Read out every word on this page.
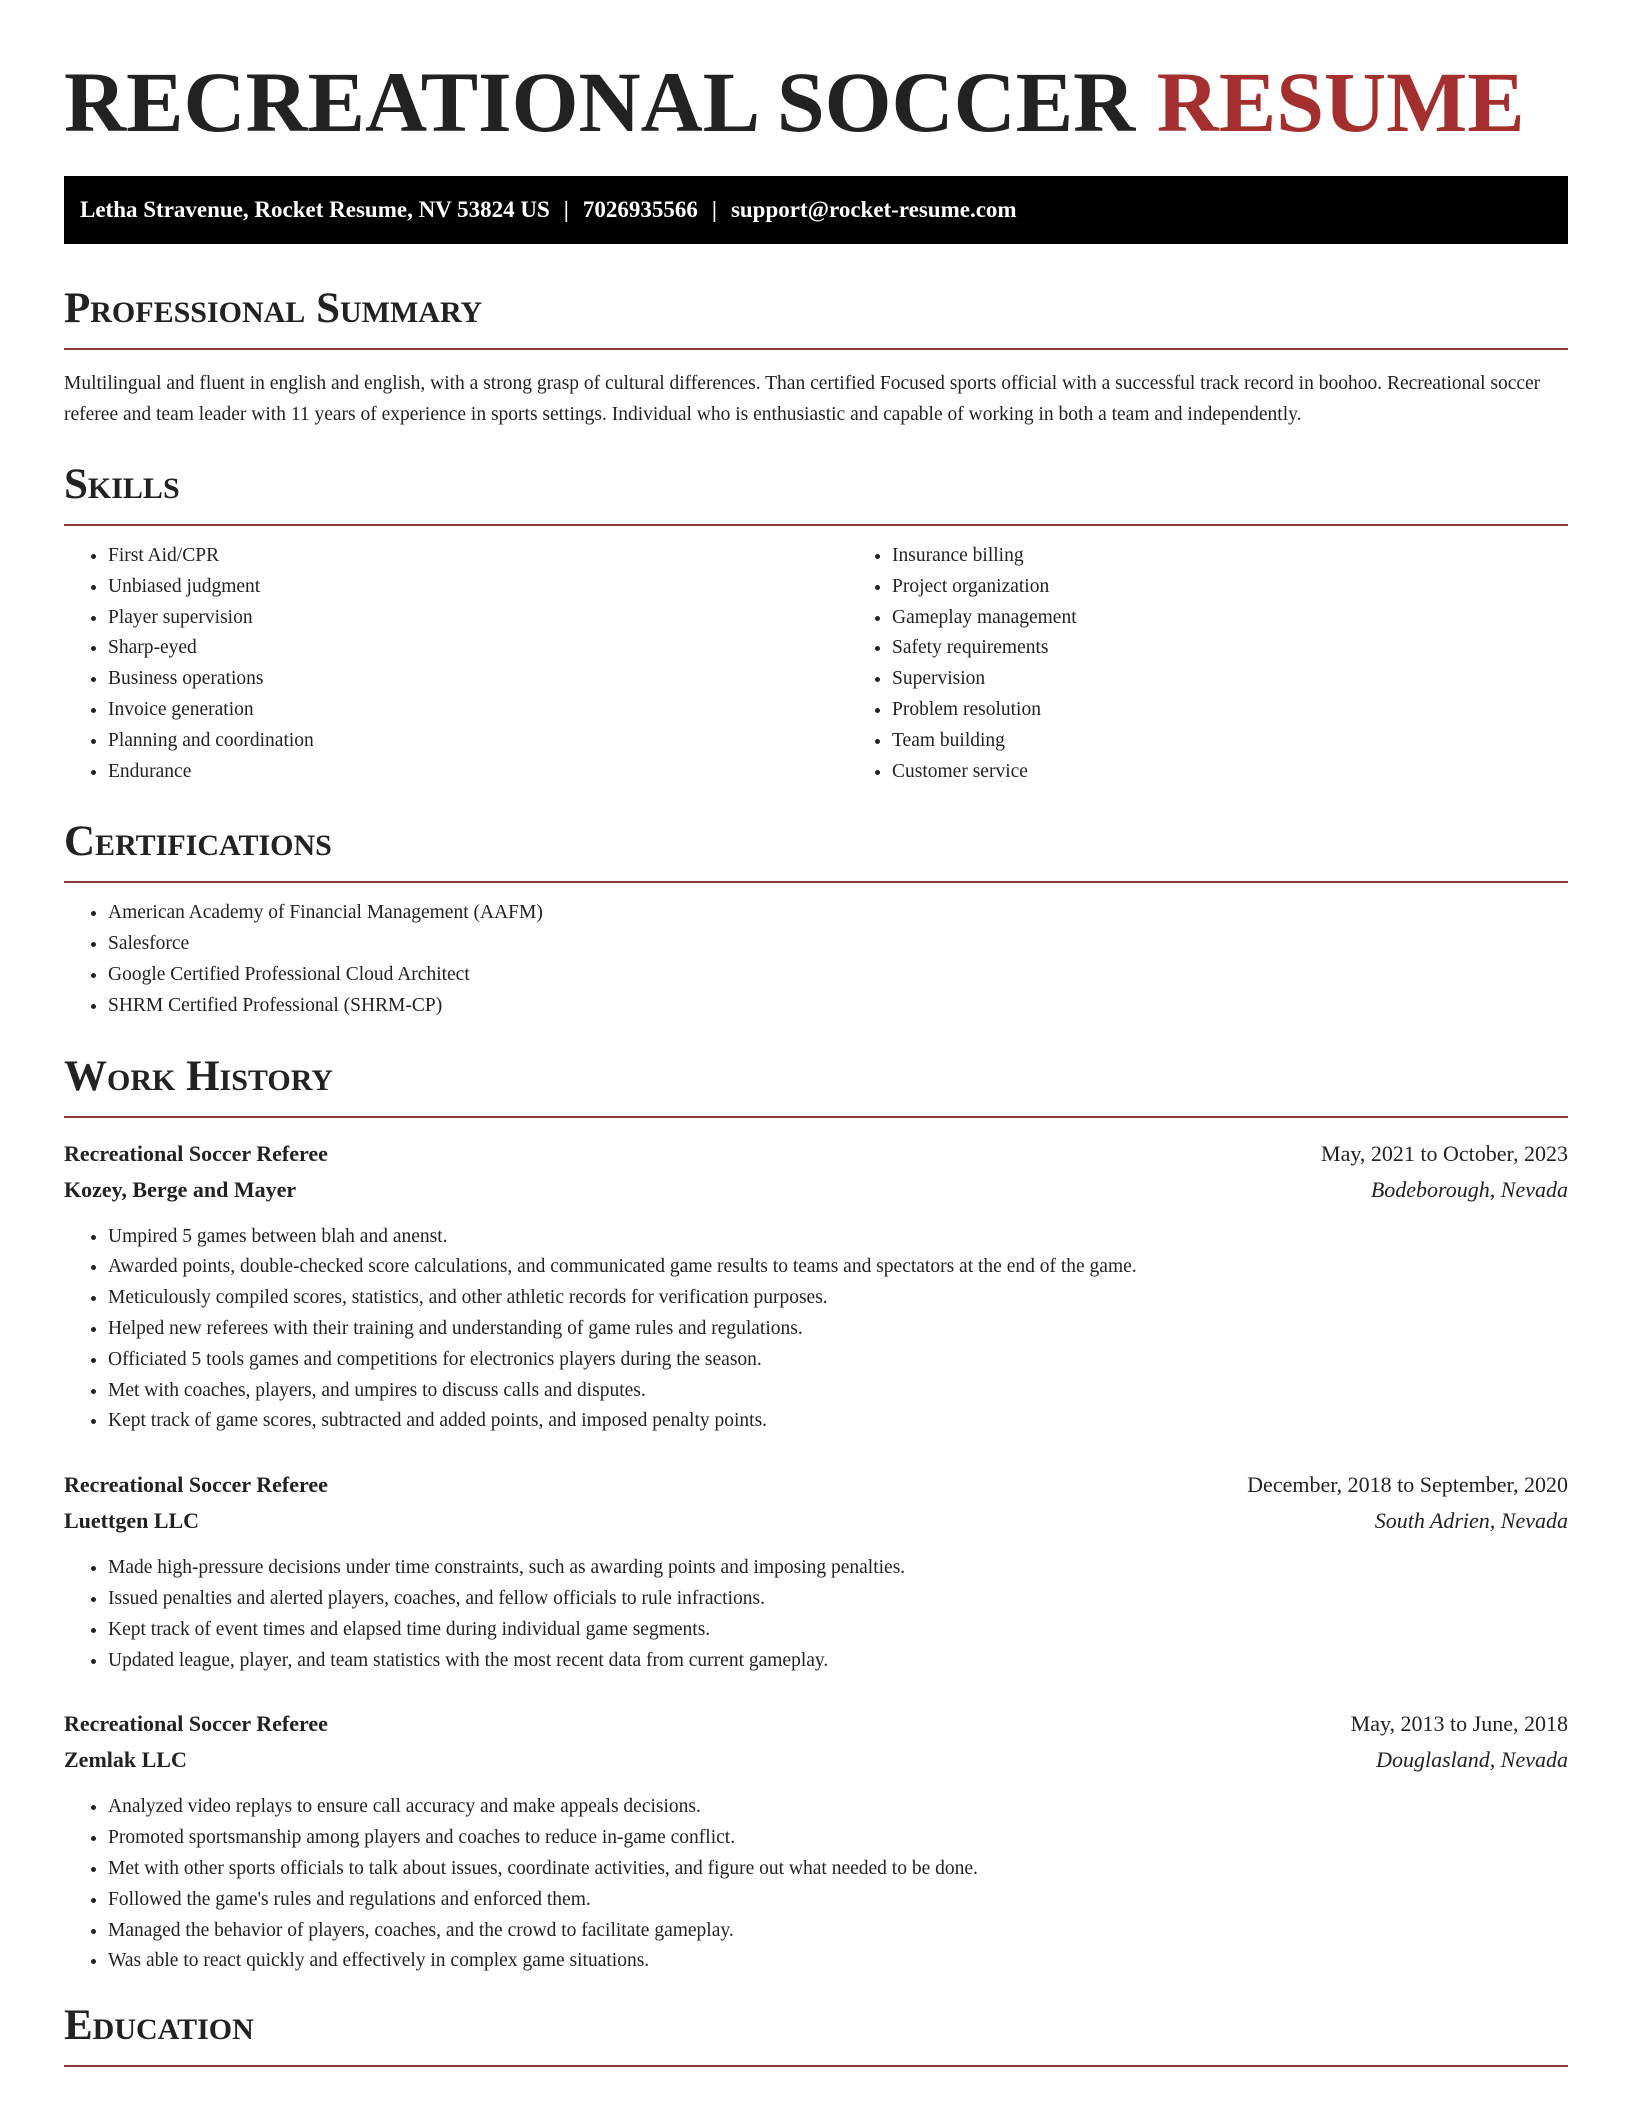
RECREATIONAL SOCCER RESUME
Letha Stravenue, Rocket Resume, NV 53824 US | 7026935566 | support@rocket-resume.com
Professional Summary

Multilingual and fluent in english and english, with a strong grasp of cultural differences. Than certified Focused sports official with a successful track record in boohoo. Recreational soccer referee and team leader with 11 years of experience in sports settings. Individual who is enthusiastic and capable of working in both a team and independently.

Skills
• First Aid/CPR
• Unbiased judgment
• Player supervision
• Sharp-eyed
• Business operations
• Invoice generation
• Planning and coordination
• Endurance
• Insurance billing
• Project organization
• Gameplay management
• Safety requirements
• Supervision
• Problem resolution
• Team building
• Customer service
Certifications
• American Academy of Financial Management (AAFM)
• Salesforce
• Google Certified Professional Cloud Architect
• SHRM Certified Professional (SHRM-CP)
Work History
Recreational Soccer Referee	May, 2021 to October, 2023
Kozey, Berge and Mayer	Bodeborough, Nevada
• Umpired 5 games between blah and anenst.
• Awarded points, double-checked score calculations, and communicated game results to teams and spectators at the end of the game.
• Meticulously compiled scores, statistics, and other athletic records for verification purposes.
• Helped new referees with their training and understanding of game rules and regulations.
• Officiated 5 tools games and competitions for electronics players during the season.
• Met with coaches, players, and umpires to discuss calls and disputes.
• Kept track of game scores, subtracted and added points, and imposed penalty points.
Recreational Soccer Referee	December, 2018 to September, 2020
Luettgen LLC	South Adrien, Nevada
• Made high-pressure decisions under time constraints, such as awarding points and imposing penalties.
• Issued penalties and alerted players, coaches, and fellow officials to rule infractions.
• Kept track of event times and elapsed time during individual game segments.
• Updated league, player, and team statistics with the most recent data from current gameplay.
Recreational Soccer Referee	May, 2013 to June, 2018
Zemlak LLC	Douglasland, Nevada
• Analyzed video replays to ensure call accuracy and make appeals decisions.
• Promoted sportsmanship among players and coaches to reduce in-game conflict.
• Met with other sports officials to talk about issues, coordinate activities, and figure out what needed to be done.
• Followed the game's rules and regulations and enforced them.
• Managed the behavior of players, coaches, and the crowd to facilitate gameplay.
• Was able to react quickly and effectively in complex game situations.
Education
